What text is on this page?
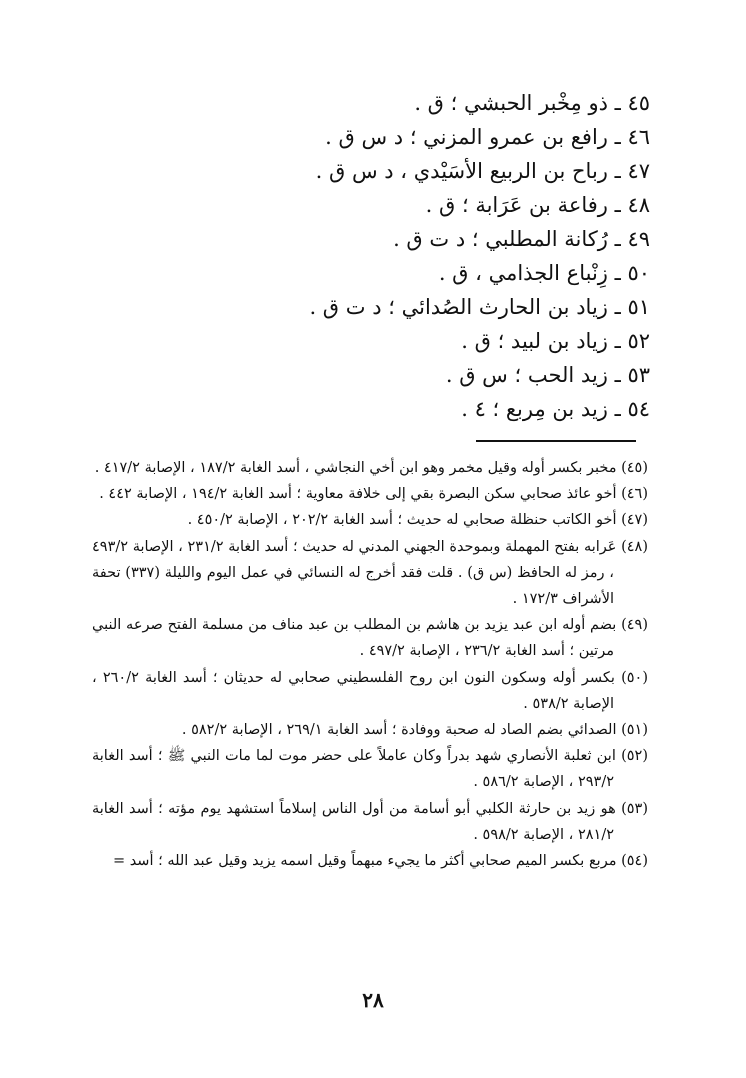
٤٥ ـ ذو مِخْبر الحبشي ؛ ق .
٤٦ ـ رافع بن عمرو المزني ؛ د س ق .
٤٧ ـ رباح بن الربيع الأسَيْدي ، د س ق .
٤٨ ـ رفاعة بن عَرَابة ؛ ق .
٤٩ ـ رُكانة المطلبي ؛ د ت ق .
٥٠ ـ زِنْباع الجذامي ، ق .
٥١ ـ زياد بن الحارث الصُدائي ؛ د ت ق .
٥٢ ـ زياد بن لبيد ؛ ق .
٥٣ ـ زيد الحب ؛ س ق .
٥٤ ـ زيد بن مِربع ؛ ٤ .
(٤٥) مخبر بكسر أوله وقيل مخمر وهو ابن أخي النجاشي ، أسد الغابة ١٨٧/٢ ، الإصابة ٤١٧/٢ .
(٤٦) أخو عائذ صحابي سكن البصرة بقي إلى خلافة معاوية ؛ أسد الغابة ١٩٤/٢ ، الإصابة ٤٤٢ .
(٤٧) أخو الكاتب حنظلة صحابي له حديث ؛ أسد الغابة ٢٠٢/٢ ، الإصابة ٤٥٠/٢ .
(٤٨) عَرابه بفتح المهملة وبموحدة الجهني المدني له حديث ؛ أسد الغابة ٢٣١/٢ ، الإصابة ٤٩٣/٢ ، رمز له الحافظ (س ق) . قلت فقد أخرج له النسائي في عمل اليوم والليلة (٣٣٧) تحفة الأشراف ١٧٢/٣ .
(٤٩) بضم أوله ابن عبد يزيد بن هاشم بن المطلب بن عبد مناف من مسلمة الفتح صرعه النبي مرتين ؛ أسد الغابة ٢٣٦/٢ ، الإصابة ٤٩٧/٢ .
(٥٠) بكسر أوله وسكون النون ابن روح الفلسطيني صحابي له حديثان ؛ أسد الغابة ٢٦٠/٢ ، الإصابة ٥٣٨/٢ .
(٥١) الصدائي بضم الصاد له صحبة ووفادة ؛ أسد الغابة ٢٦٩/١ ، الإصابة ٥٨٢/٢ .
(٥٢) ابن ثعلبة الأنصاري شهد بدراً وكان عاملاً على حضر موت لما مات النبي ﷺ ؛ أسد الغابة ٢٩٣/٢ ، الإصابة ٥٨٦/٢ .
(٥٣) هو زيد بن حارثة الكلبي أبو أسامة من أول الناس إسلاماً استشهد يوم مؤته ؛ أسد الغابة ٢٨١/٢ ، الإصابة ٥٩٨/٢ .
(٥٤) مربع بكسر الميم صحابي أكثر ما يجيء مبهماً وقيل اسمه يزيد وقيل عبد الله ؛ أسد =
٢٨
